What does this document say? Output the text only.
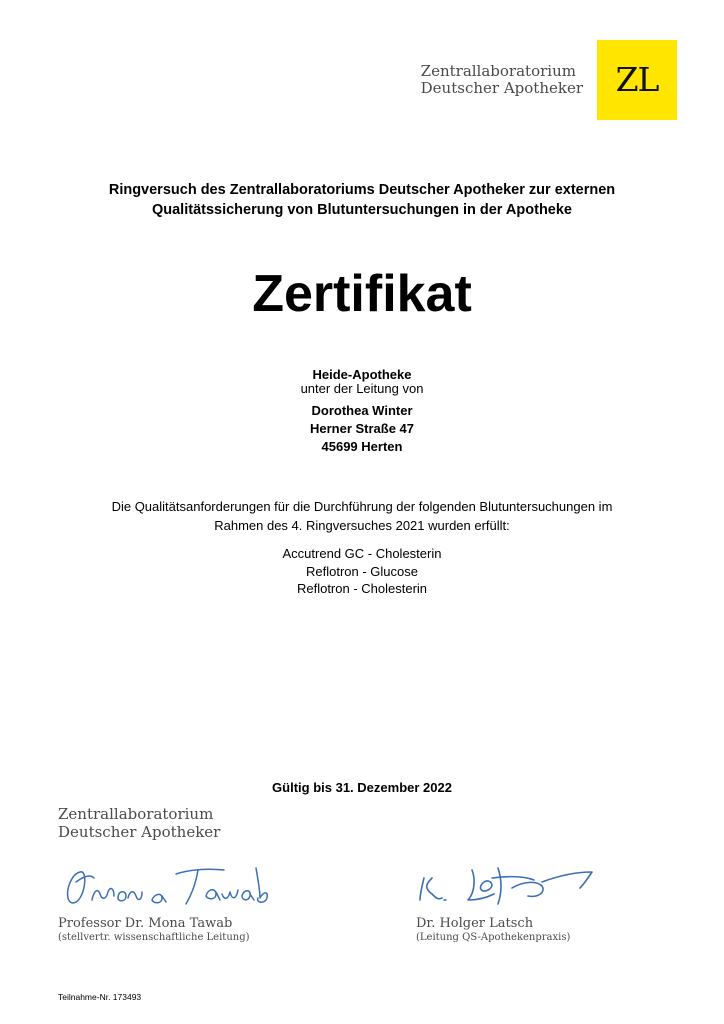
Zentrallaboratorium
Deutscher Apotheker ZL
Ringversuch des Zentrallaboratoriums Deutscher Apotheker zur externen
Qualitätssicherung von Blutuntersuchungen in der Apotheke
Zertifikat
Heide-Apotheke
unter der Leitung von
Dorothea Winter
Herner Straße 47
45699 Herten
Die Qualitätsanforderungen für die Durchführung der folgenden Blutuntersuchungen im
Rahmen des 4. Ringversuches 2021 wurden erfüllt:
Accutrend GC - Cholesterin
Reflotron - Glucose
Reflotron - Cholesterin
Gültig bis 31. Dezember 2022
Zentrallaboratorium
Deutscher Apotheker
Professor Dr. Mona Tawab
(stellvertr. wissenschaftliche Leitung)
Dr. Holger Latsch
(Leitung QS-Apothekenpraxis)
Teilnahme-Nr. 173493
